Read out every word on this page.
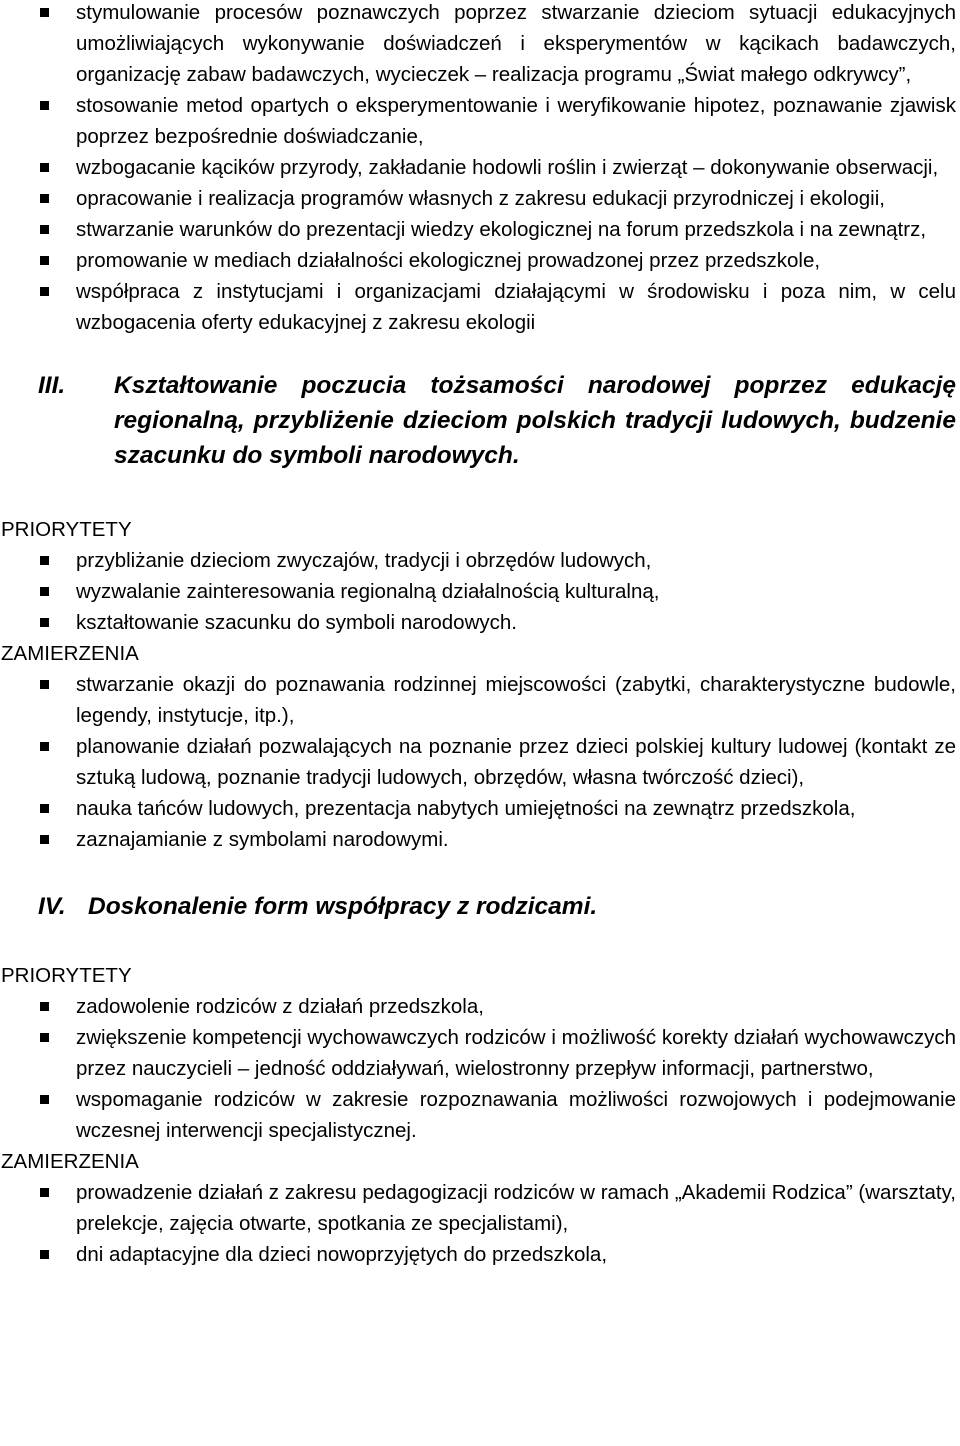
stymulowanie procesów poznawczych poprzez stwarzanie dzieciom sytuacji edukacyjnych umożliwiających wykonywanie doświadczeń i eksperymentów w kącikach badawczych, organizację zabaw badawczych, wycieczek – realizacja programu „Świat małego odkrywcy”,
stosowanie metod opartych o eksperymentowanie i weryfikowanie hipotez, poznawanie zjawisk poprzez bezpośrednie doświadczanie,
wzbogacanie kącików przyrody, zakładanie hodowli roślin i zwierząt – dokonywanie obserwacji,
opracowanie i realizacja programów własnych z zakresu edukacji przyrodniczej i ekologii,
stwarzanie warunków do prezentacji wiedzy ekologicznej na forum przedszkola i na zewnątrz,
promowanie w mediach działalności ekologicznej prowadzonej przez przedszkole,
współpraca z instytucjami i organizacjami działającymi w środowisku i poza nim, w celu wzbogacenia oferty edukacyjnej z zakresu ekologii
III. Kształtowanie poczucia tożsamości narodowej poprzez edukację regionalną, przybliżenie dzieciom polskich tradycji ludowych, budzenie szacunku do symboli narodowych.

PRIORYTETY

przybliżanie dzieciom zwyczajów, tradycji i obrzędów ludowych,
wyzwalanie zainteresowania regionalną działalnością kulturalną,
kształtowanie szacunku do symboli narodowych.

ZAMIERZENIA

stwarzanie okazji do poznawania rodzinnej miejscowości (zabytki, charakterystyczne budowle, legendy, instytucje, itp.),
planowanie działań pozwalających na poznanie przez dzieci polskiej kultury ludowej (kontakt ze sztuką ludową, poznanie tradycji ludowych, obrzędów, własna twórczość dzieci),
nauka tańców ludowych, prezentacja nabytych umiejętności na zewnątrz przedszkola,
zaznajamianie z symbolami narodowymi.
IV. Doskonalenie form współpracy z rodzicami.

PRIORYTETY

zadowolenie rodziców z działań przedszkola,
zwiększenie kompetencji wychowawczych rodziców i możliwość korekty działań wychowawczych przez nauczycieli – jedność oddziaływań, wielostronny przepływ informacji, partnerstwo,
wspomaganie rodziców w zakresie rozpoznawania możliwości rozwojowych i podejmowanie wczesnej interwencji specjalistycznej.

ZAMIERZENIA

prowadzenie działań z zakresu pedagogizacji rodziców w ramach „Akademii Rodzica” (warsztaty, prelekcje, zajęcia otwarte, spotkania ze specjalistami),
dni adaptacyjne dla dzieci nowoprzyjętych do przedszkola,
